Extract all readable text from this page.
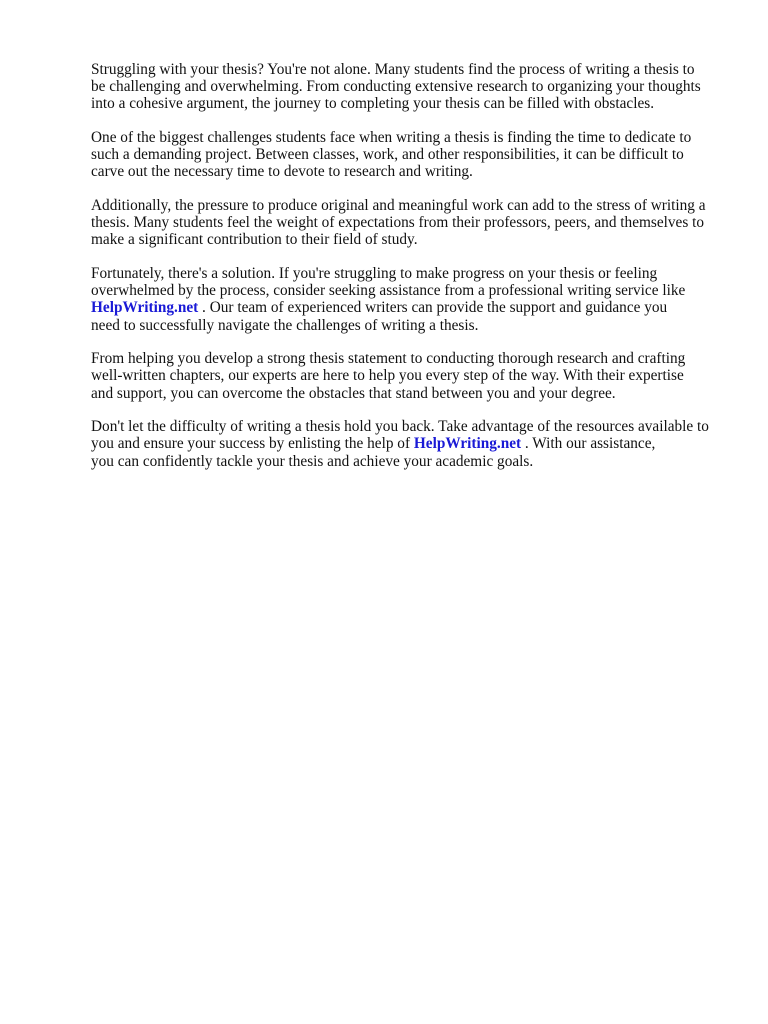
Struggling with your thesis? You're not alone. Many students find the process of writing a thesis to
be challenging and overwhelming. From conducting extensive research to organizing your thoughts
into a cohesive argument, the journey to completing your thesis can be filled with obstacles.

One of the biggest challenges students face when writing a thesis is finding the time to dedicate to
such a demanding project. Between classes, work, and other responsibilities, it can be difficult to
carve out the necessary time to devote to research and writing.

Additionally, the pressure to produce original and meaningful work can add to the stress of writing a
thesis. Many students feel the weight of expectations from their professors, peers, and themselves to
make a significant contribution to their field of study.

Fortunately, there's a solution. If you're struggling to make progress on your thesis or feeling
overwhelmed by the process, consider seeking assistance from a professional writing service like
HelpWriting.net . Our team of experienced writers can provide the support and guidance you
need to successfully navigate the challenges of writing a thesis.

From helping you develop a strong thesis statement to conducting thorough research and crafting
well-written chapters, our experts are here to help you every step of the way. With their expertise
and support, you can overcome the obstacles that stand between you and your degree.

Don't let the difficulty of writing a thesis hold you back. Take advantage of the resources available to
you and ensure your success by enlisting the help of HelpWriting.net . With our assistance,
you can confidently tackle your thesis and achieve your academic goals.
